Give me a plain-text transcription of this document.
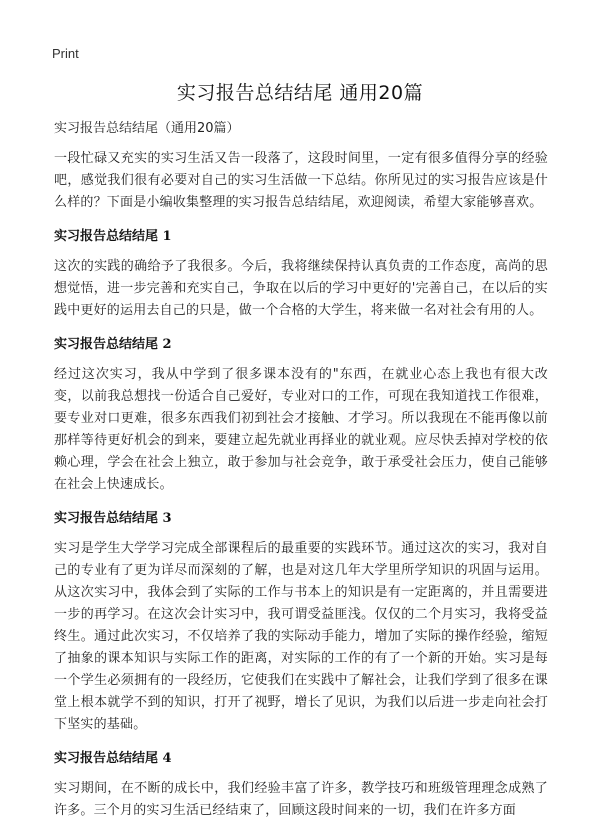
Print
实习报告总结结尾 通用20篇

实习报告总结结尾（通用20篇）

一段忙碌又充实的实习生活又告一段落了，这段时间里，一定有很多值得分享的经验吧，感觉我们很有必要对自己的实习生活做一下总结。你所见过的实习报告应该是什么样的？下面是小编收集整理的实习报告总结结尾，欢迎阅读，希望大家能够喜欢。

实习报告总结结尾 1

这次的实践的确给予了我很多。今后，我将继续保持认真负责的工作态度，高尚的思想觉悟，进一步完善和充实自己，争取在以后的学习中更好的'完善自己，在以后的实践中更好的运用去自己的只是，做一个合格的大学生，将来做一名对社会有用的人。

实习报告总结结尾 2

经过这次实习，我从中学到了很多课本没有的"东西，在就业心态上我也有很大改变，以前我总想找一份适合自己爱好，专业对口的工作，可现在我知道找工作很难，要专业对口更难，很多东西我们初到社会才接触、才学习。所以我现在不能再像以前那样等待更好机会的到来，要建立起先就业再择业的就业观。应尽快丢掉对学校的依赖心理，学会在社会上独立，敢于参加与社会竞争，敢于承受社会压力，使自己能够在社会上快速成长。

实习报告总结结尾 3

实习是学生大学学习完成全部课程后的最重要的实践环节。通过这次的实习，我对自己的专业有了更为详尽而深刻的了解，也是对这几年大学里所学知识的巩固与运用。从这次实习中，我体会到了实际的工作与书本上的知识是有一定距离的，并且需要进一步的再学习。在这次会计实习中，我可谓受益匪浅。仅仅的二个月实习，我将受益终生。通过此次实习，不仅培养了我的实际动手能力，增加了实际的操作经验，缩短了抽象的课本知识与实际工作的距离，对实际的工作的有了一个新的开始。实习是每一个学生必须拥有的一段经历，它使我们在实践中了解社会，让我们学到了很多在课堂上根本就学不到的知识，打开了视野，增长了见识，为我们以后进一步走向社会打下坚实的基础。

实习报告总结结尾 4

实习期间，在不断的成长中，我们经验丰富了许多，教学技巧和班级管理理念成熟了许多。三个月的实习生活已经结束了，回顾这段时间来的一切，我们在许多方面
